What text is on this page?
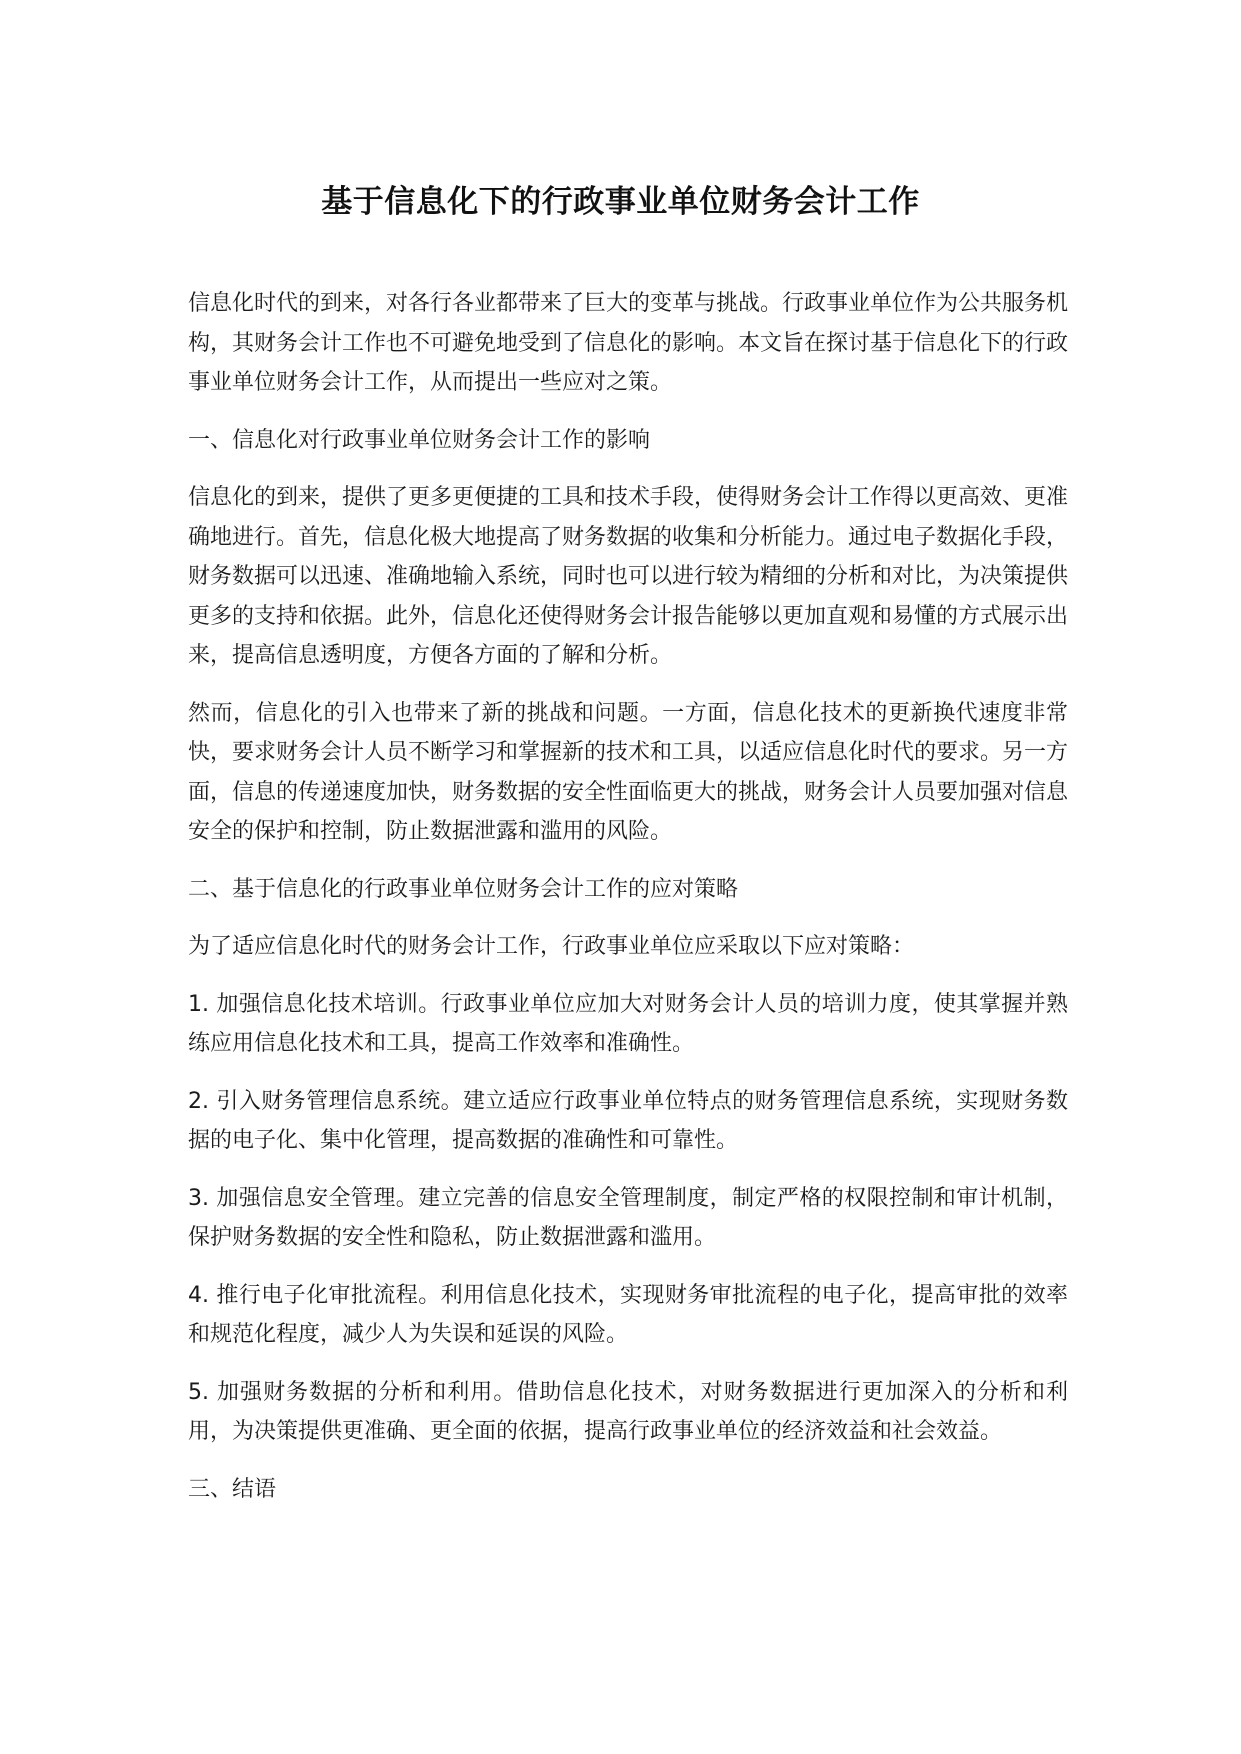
基于信息化下的行政事业单位财务会计工作

信息化时代的到来，对各行各业都带来了巨大的变革与挑战。行政事业单位作为公共服务机构，其财务会计工作也不可避免地受到了信息化的影响。本文旨在探讨基于信息化下的行政事业单位财务会计工作，从而提出一些应对之策。

一、信息化对行政事业单位财务会计工作的影响

信息化的到来，提供了更多更便捷的工具和技术手段，使得财务会计工作得以更高效、更准确地进行。首先，信息化极大地提高了财务数据的收集和分析能力。通过电子数据化手段，财务数据可以迅速、准确地输入系统，同时也可以进行较为精细的分析和对比，为决策提供更多的支持和依据。此外，信息化还使得财务会计报告能够以更加直观和易懂的方式展示出来，提高信息透明度，方便各方面的了解和分析。

然而，信息化的引入也带来了新的挑战和问题。一方面，信息化技术的更新换代速度非常快，要求财务会计人员不断学习和掌握新的技术和工具，以适应信息化时代的要求。另一方面，信息的传递速度加快，财务数据的安全性面临更大的挑战，财务会计人员要加强对信息安全的保护和控制，防止数据泄露和滥用的风险。

二、基于信息化的行政事业单位财务会计工作的应对策略

为了适应信息化时代的财务会计工作，行政事业单位应采取以下应对策略：

1. 加强信息化技术培训。行政事业单位应加大对财务会计人员的培训力度，使其掌握并熟练应用信息化技术和工具，提高工作效率和准确性。

2. 引入财务管理信息系统。建立适应行政事业单位特点的财务管理信息系统，实现财务数据的电子化、集中化管理，提高数据的准确性和可靠性。

3. 加强信息安全管理。建立完善的信息安全管理制度，制定严格的权限控制和审计机制，保护财务数据的安全性和隐私，防止数据泄露和滥用。

4. 推行电子化审批流程。利用信息化技术，实现财务审批流程的电子化，提高审批的效率和规范化程度，减少人为失误和延误的风险。

5. 加强财务数据的分析和利用。借助信息化技术，对财务数据进行更加深入的分析和利用，为决策提供更准确、更全面的依据，提高行政事业单位的经济效益和社会效益。

三、结语
